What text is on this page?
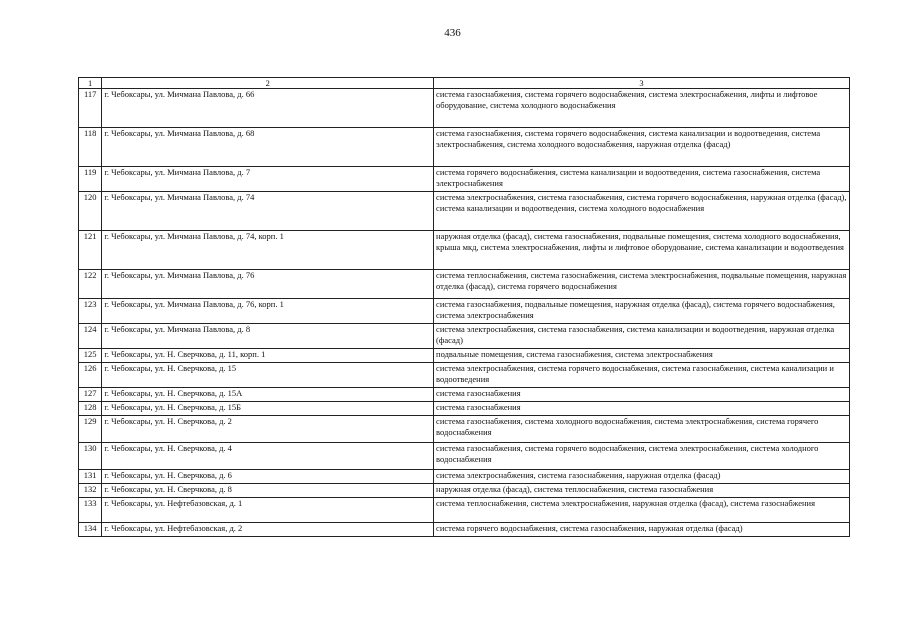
436
1	2	3
117	г. Чебоксары, ул. Мичмана Павлова, д. 66	система газоснабжения, система горячего водоснабжения, система электроснабжения, лифты и лифтовое оборудование, система холодного водоснабжения
118	г. Чебоксары, ул. Мичмана Павлова, д. 68	система газоснабжения, система горячего водоснабжения, система канализации и водоотведения, система электроснабжения, система холодного водоснабжения, наружная отделка (фасад)
119	г. Чебоксары, ул. Мичмана Павлова, д. 7	система горячего водоснабжения, система канализации и водоотведения, система газоснабжения, система электроснабжения
120	г. Чебоксары, ул. Мичмана Павлова, д. 74	система электроснабжения, система газоснабжения, система горячего водоснабжения, наружная отделка (фасад), система канализации и водоотведения, система холодного водоснабжения
121	г. Чебоксары, ул. Мичмана Павлова, д. 74, корп. 1	наружная отделка (фасад), система газоснабжения, подвальные помещения, система холодного водоснабжения, крыша мкд, система электроснабжения, лифты и лифтовое оборудование, система канализации и водоотведения
122	г. Чебоксары, ул. Мичмана Павлова, д. 76	система теплоснабжения, система газоснабжения, система электроснабжения, подвальные помещения, наружная отделка (фасад), система горячего водоснабжения
123	г. Чебоксары, ул. Мичмана Павлова, д. 76, корп. 1	система газоснабжения, подвальные помещения, наружная отделка (фасад), система горячего водоснабжения, система электроснабжения
124	г. Чебоксары, ул. Мичмана Павлова, д. 8	система электроснабжения, система газоснабжения, система канализации и водоотведения, наружная отделка (фасад)
125	г. Чебоксары, ул. Н. Сверчкова, д. 11, корп. 1	подвальные помещения, система газоснабжения, система электроснабжения
126	г. Чебоксары, ул. Н. Сверчкова, д. 15	система электроснабжения, система горячего водоснабжения, система газоснабжения, система канализации и водоотведения
127	г. Чебоксары, ул. Н. Сверчкова, д. 15А	система газоснабжения
128	г. Чебоксары, ул. Н. Сверчкова, д. 15Б	система газоснабжения
129	г. Чебоксары, ул. Н. Сверчкова, д. 2	система газоснабжения, система холодного водоснабжения, система электроснабжения, система горячего водоснабжения
130	г. Чебоксары, ул. Н. Сверчкова, д. 4	система газоснабжения, система горячего водоснабжения, система электроснабжения, система холодного водоснабжения
131	г. Чебоксары, ул. Н. Сверчкова, д. 6	система электроснабжения, система газоснабжения, наружная отделка (фасад)
132	г. Чебоксары, ул. Н. Сверчкова, д. 8	наружная отделка (фасад), система теплоснабжения, система газоснабжения
133	г. Чебоксары, ул. Нефтебазовская, д. 1	система теплоснабжения, система электроснабжения, наружная отделка (фасад), система газоснабжения
134	г. Чебоксары, ул. Нефтебазовская, д. 2	система горячего водоснабжения, система газоснабжения, наружная отделка (фасад)
